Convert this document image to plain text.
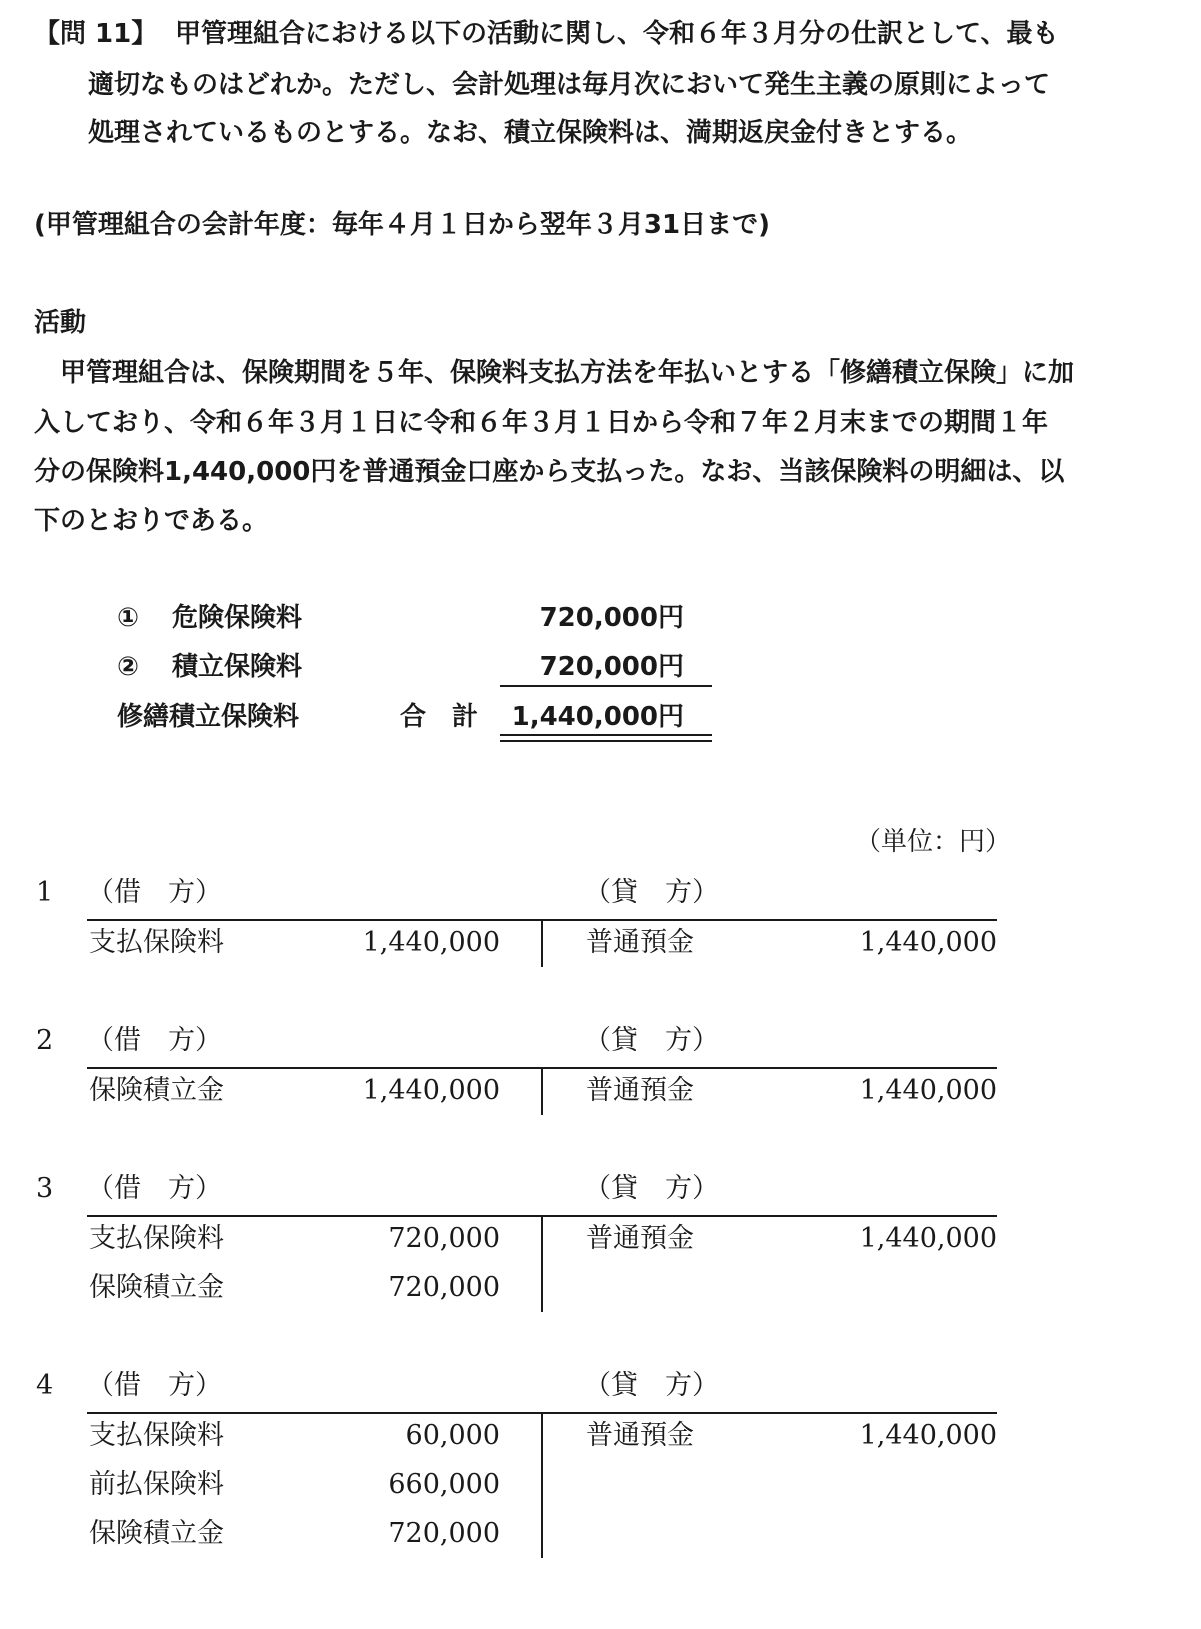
【問 11】 甲管理組合における以下の活動に関し、令和６年３月分の仕訳として、最も
適切なものはどれか。ただし、会計処理は毎月次において発生主義の原則によって
処理されているものとする。なお、積立保険料は、満期返戻金付きとする。
(甲管理組合の会計年度：毎年４月１日から翌年３月31日まで)
活動
甲管理組合は、保険期間を５年、保険料支払方法を年払いとする「修繕積立保険」に加
入しており、令和６年３月１日に令和６年３月１日から令和７年２月末までの期間１年
分の保険料1,440,000円を普通預金口座から支払った。なお、当該保険料の明細は、以
下のとおりである。
① 危険保険料	720,000円
② 積立保険料	720,000円
修繕積立保険料	合　計	1,440,000円
（単位：円）
1 （借　方）	（貸　方）
支払保険料	1,440,000	普通預金	1,440,000
2 （借　方）	（貸　方）
保険積立金	1,440,000	普通預金	1,440,000
3 （借　方）	（貸　方）
支払保険料	720,000	普通預金	1,440,000
保険積立金	720,000
4 （借　方）	（貸　方）
支払保険料	60,000	普通預金	1,440,000
前払保険料	660,000
保険積立金	720,000
